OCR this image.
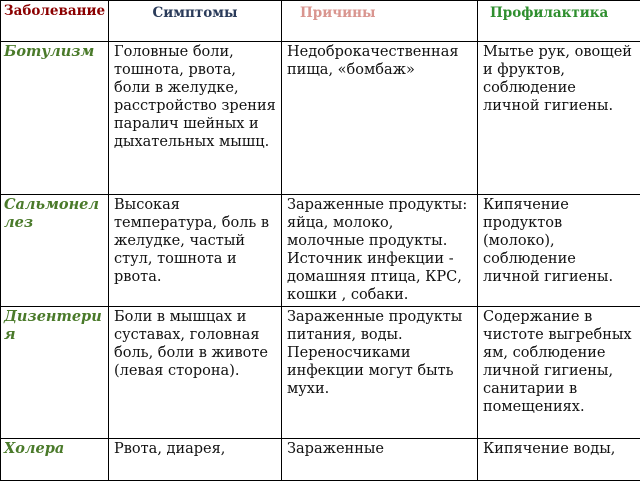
Заболевание	Симптомы	Причины	Профилактика
Ботулизм	Головные боли, тошнота, рвота, боли в желудке, расстройство зрения паралич шейных и дыхательных мышц.	Недоброкачественная пища, «бомбаж»	Мытье рук, овощей и фруктов, соблюдение личной гигиены.
Сальмонеллез	Высокая температура, боль в желудке, частый стул, тошнота и рвота.	Зараженные продукты: яйца, молоко, молочные продукты. Источник инфекции - домашняя птица, КРС, кошки , собаки.	Кипячение продуктов (молоко), соблюдение личной гигиены.
Дизентерия	Боли в мышцах и суставах, головная боль, боли в животе (левая сторона).	Зараженные продукты питания, воды. Переносчиками инфекции могут быть мухи.	Содержание в чистоте выгребных ям, соблюдение личной гигиены, санитарии в помещениях.
Холера	Рвота, диарея,	Зараженные	Кипячение воды,
